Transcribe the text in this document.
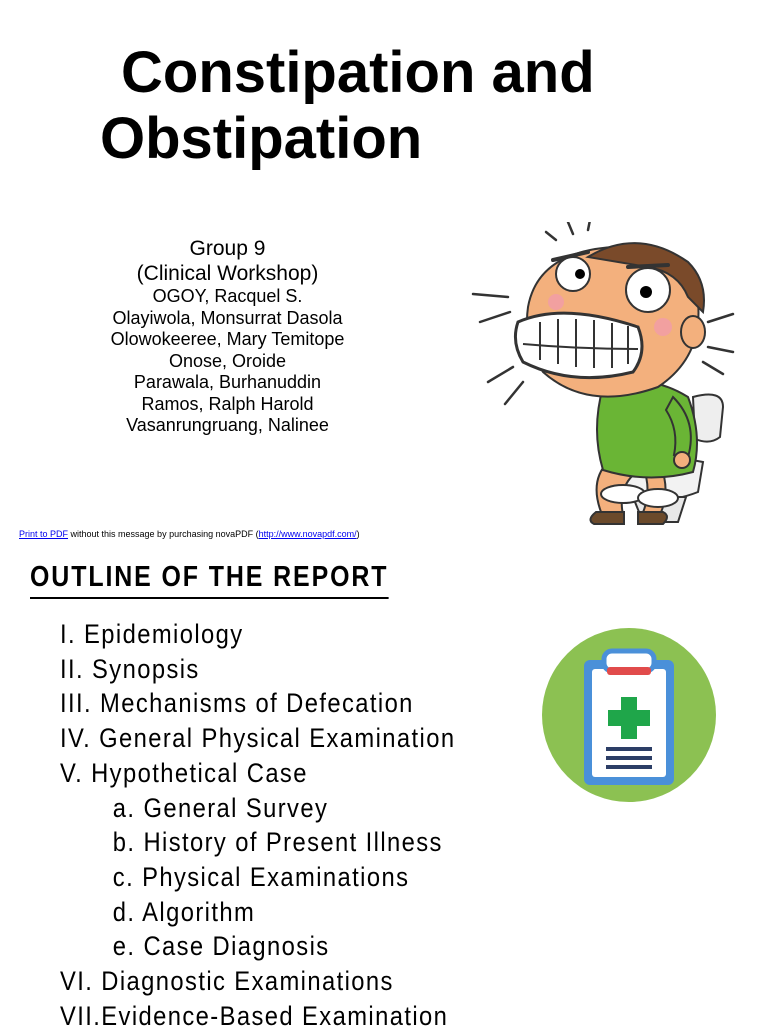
Constipation and
Obstipation
Group 9
(Clinical Workshop)
OGOY, Racquel S.
Olayiwola, Monsurrat Dasola
Olowokeeree, Mary Temitope
Onose, Oroide
Parawala, Burhanuddin
Ramos, Ralph Harold
Vasanrungruang, Nalinee
Print to PDF without this message by purchasing novaPDF (http://www.novapdf.com/)
OUTLINE OF THE REPORT
I. Epidemiology
II. Synopsis
III. Mechanisms of Defecation
IV. General Physical Examination
V. Hypothetical Case
a. General Survey
b. History of Present Illness
c. Physical Examinations
d. Algorithm
e. Case Diagnosis
VI. Diagnostic Examinations
VII.Evidence-Based Examination
